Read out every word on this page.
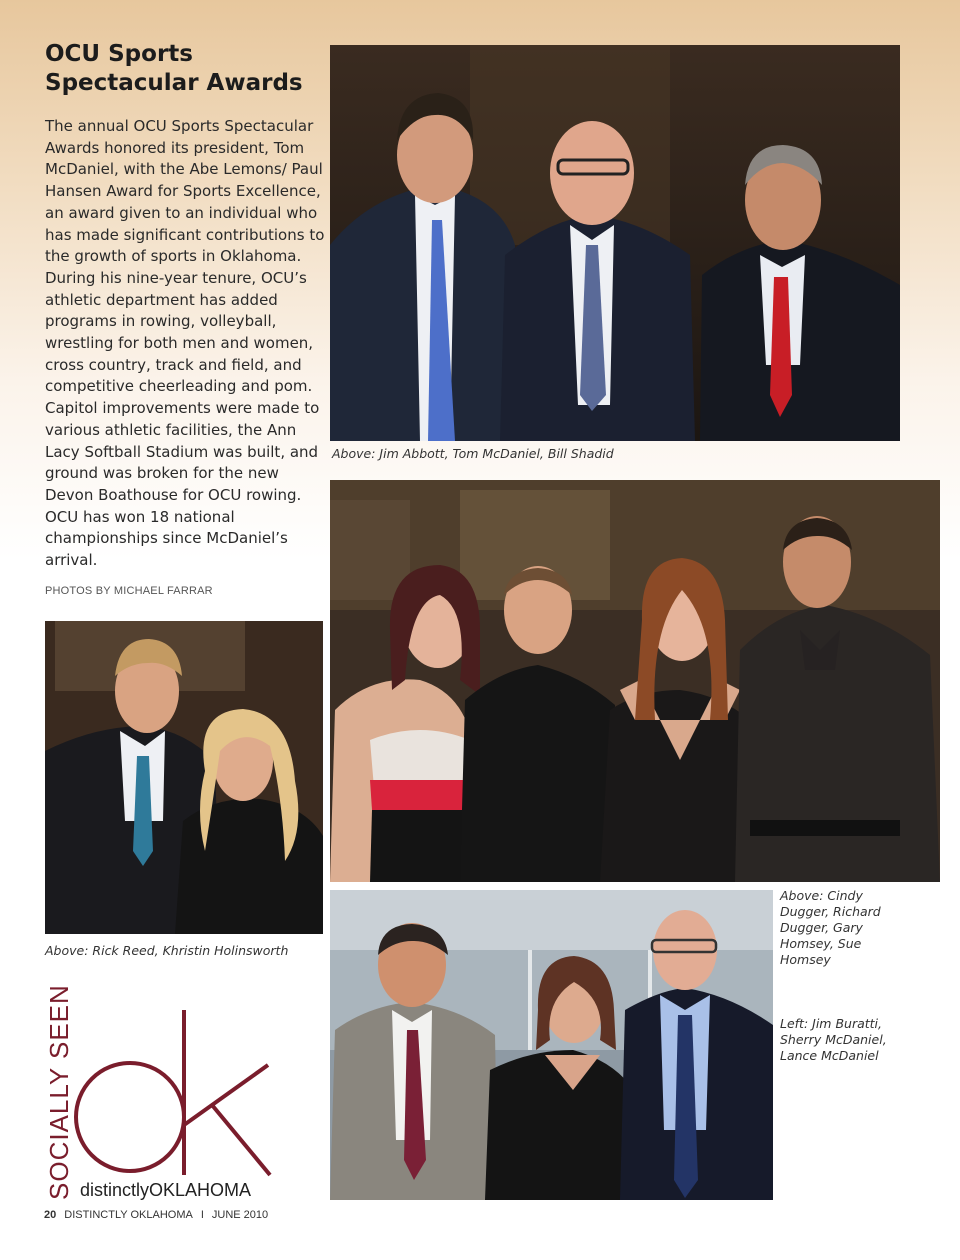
OCU Sports
Spectacular Awards

The annual OCU Sports Spectacular Awards honored its president, Tom McDaniel, with the Abe Lemons/ Paul Hansen Award for Sports Excellence, an award given to an individual who has made significant contributions to the growth of sports in Oklahoma. During his nine-year tenure, OCU’s athletic department has added programs in rowing, volleyball, wrestling for both men and women, cross country, track and field, and competitive cheerleading and pom. Capitol improvements were made to various athletic facilities, the Ann Lacy Softball Stadium was built, and ground was broken for the new Devon Boathouse for OCU rowing. OCU has won 18 national championships since McDaniel’s arrival.

PHOTOS BY MICHAEL FARRAR
Above: Jim Abbott, Tom McDaniel, Bill Shadid
Above: Rick Reed, Khristin Holinsworth
Above: Cindy
Dugger, Richard
Dugger, Gary
Homsey, Sue
Homsey
Left: Jim Buratti,
Sherry McDaniel,
Lance McDaniel
SOCIALLY SEEN distinctlyOKLAHOMA
20 DISTINCTLY OKLAHOMA I JUNE 2010
